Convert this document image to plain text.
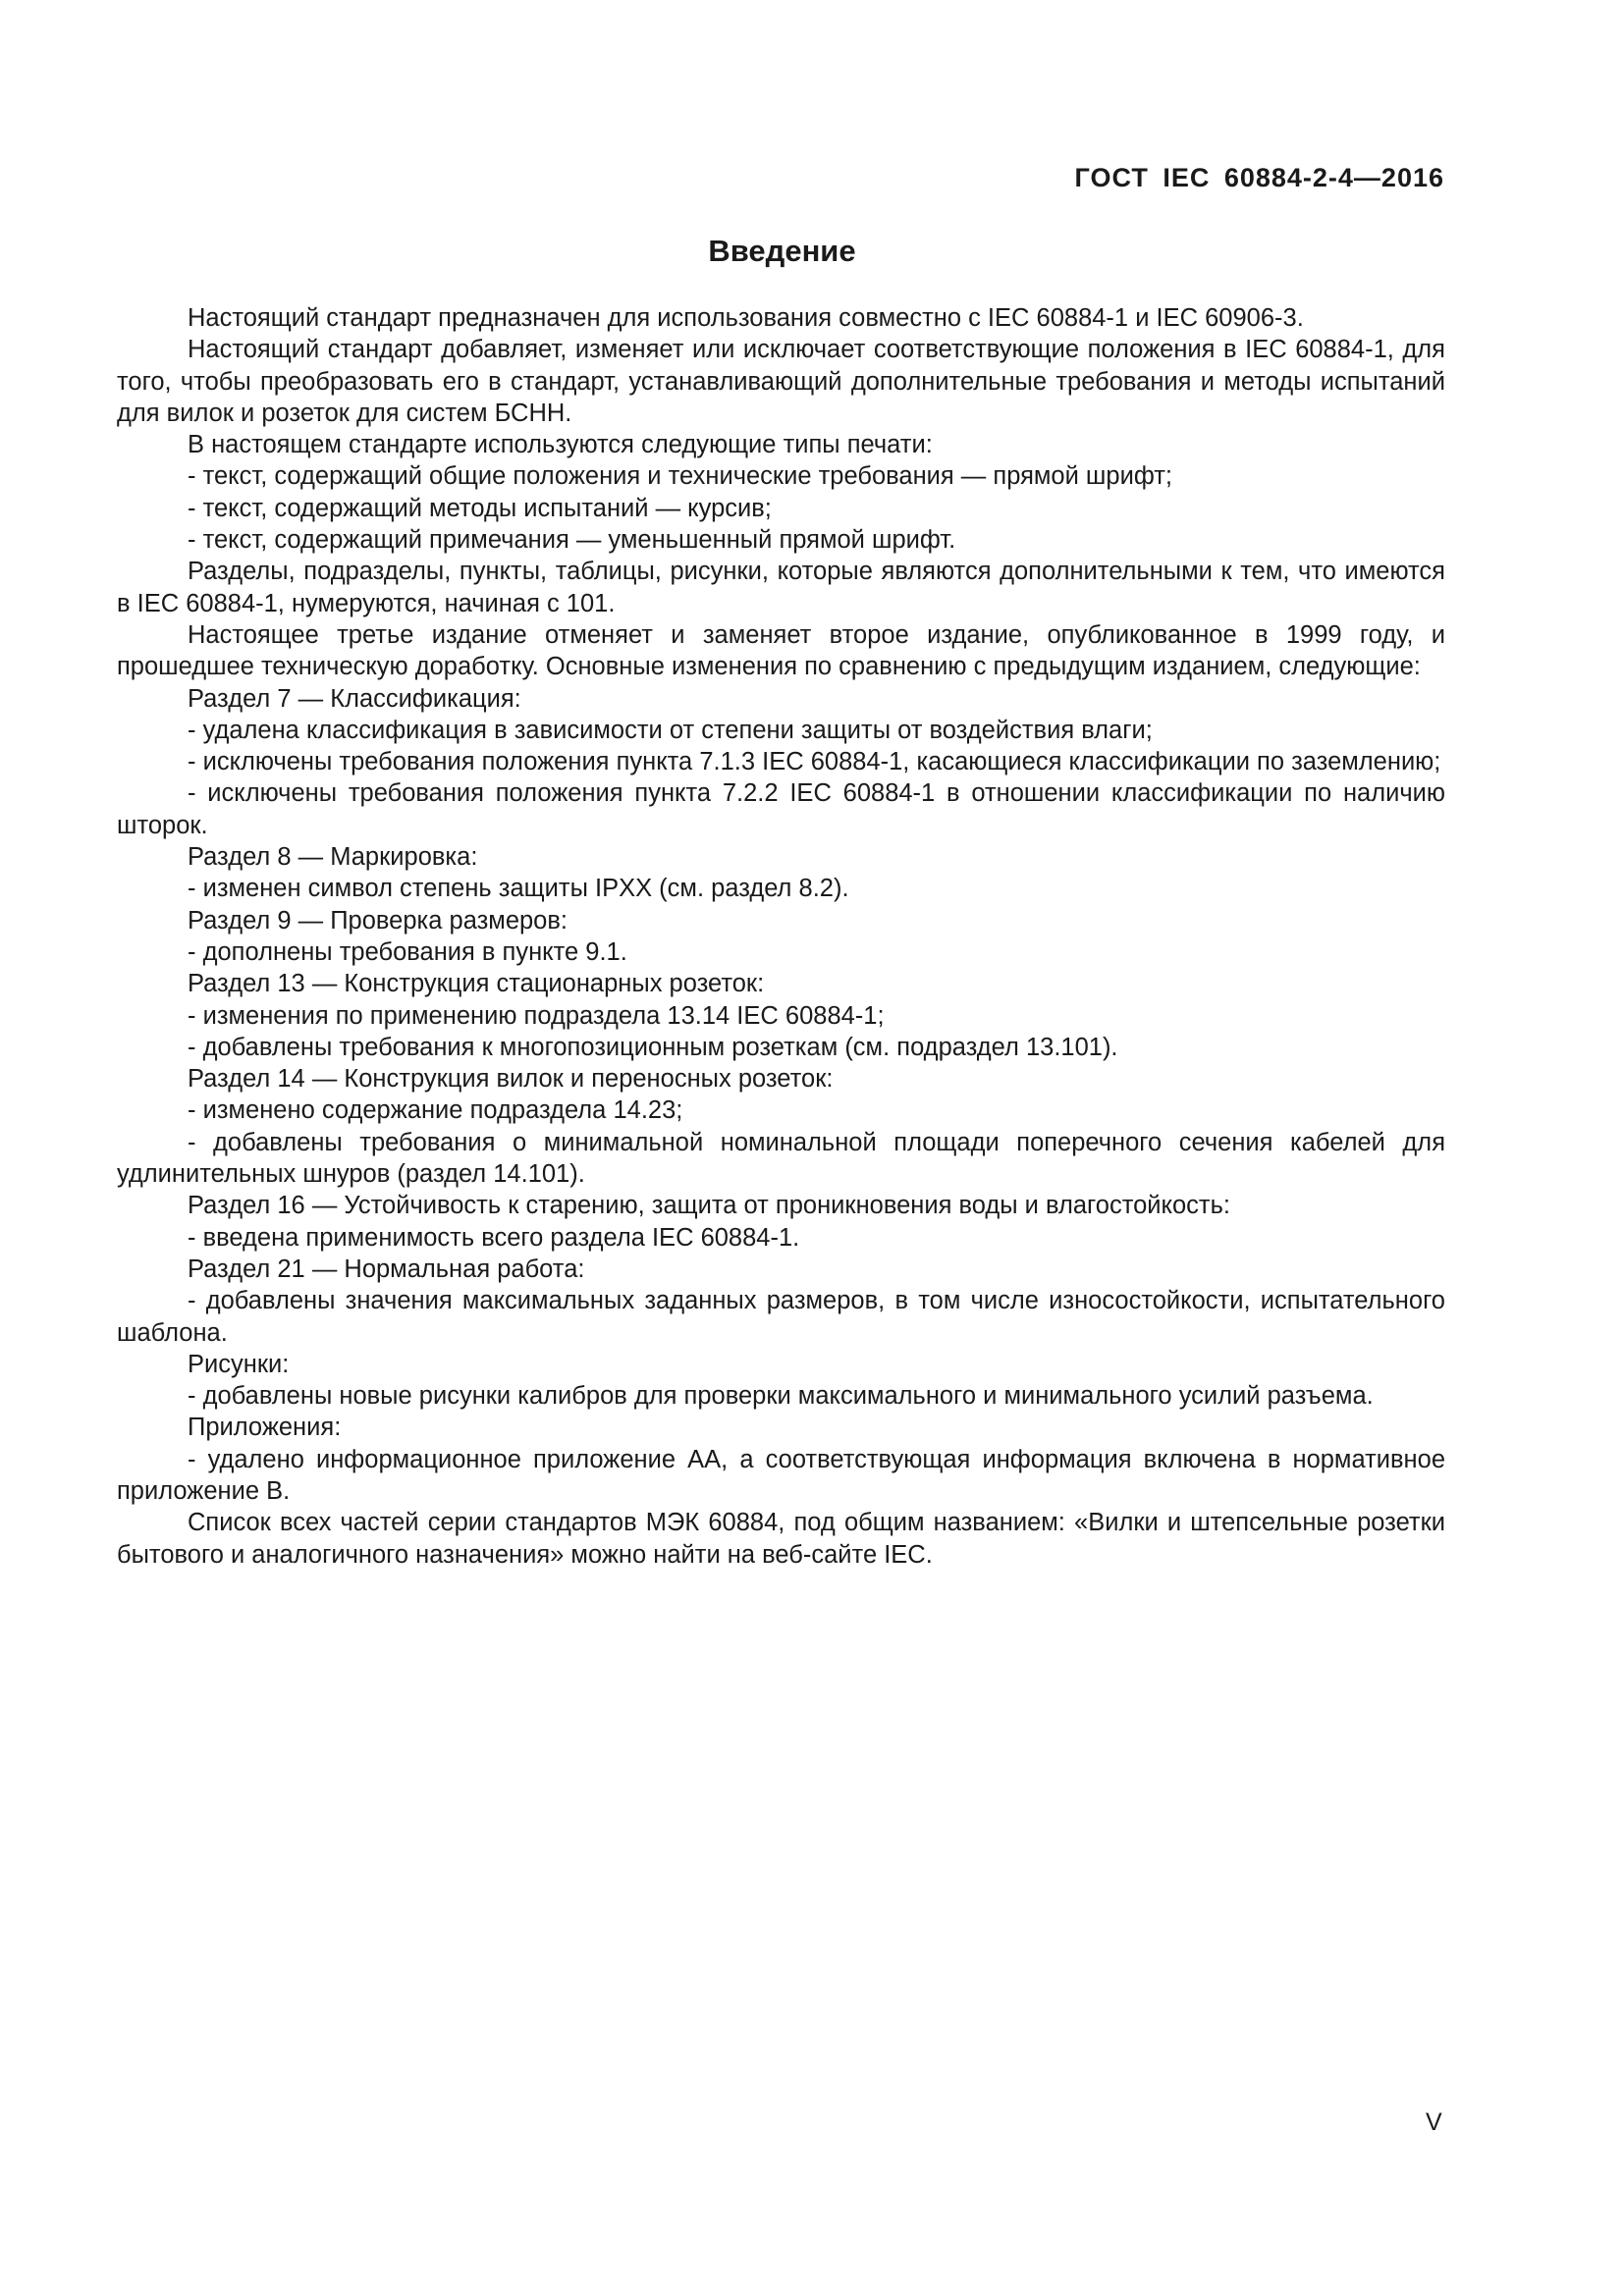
ГОСТ IEC 60884-2-4—2016
Введение

Настоящий стандарт предназначен для использования совместно с IEC 60884-1 и IEC 60906-3.

Настоящий стандарт добавляет, изменяет или исключает соответствующие положения в IEC 60884-1, для того, чтобы преобразовать его в стандарт, устанавливающий дополнительные требования и методы испытаний для вилок и розеток для систем БСНН.

В настоящем стандарте используются следующие типы печати:

- текст, содержащий общие положения и технические требования — прямой шрифт;

- текст, содержащий методы испытаний — курсив;

- текст, содержащий примечания — уменьшенный прямой шрифт.

Разделы, подразделы, пункты, таблицы, рисунки, которые являются дополнительными к тем, что имеются в IEC 60884-1, нумеруются, начиная с 101.

Настоящее третье издание отменяет и заменяет второе издание, опубликованное в 1999 году, и прошедшее техническую доработку. Основные изменения по сравнению с предыдущим изданием, следующие:

Раздел 7 — Классификация:

- удалена классификация в зависимости от степени защиты от воздействия влаги;

- исключены требования положения пункта 7.1.3 IEC 60884-1, касающиеся классификации по заземлению;

- исключены требования положения пункта 7.2.2 IEC 60884-1 в отношении классификации по наличию шторок.

Раздел 8 — Маркировка:

- изменен символ степень защиты IPXX (см. раздел 8.2).

Раздел 9 — Проверка размеров:

- дополнены требования в пункте 9.1.

Раздел 13 — Конструкция стационарных розеток:

- изменения по применению подраздела 13.14 IEC 60884-1;

- добавлены требования к многопозиционным розеткам (см. подраздел 13.101).

Раздел 14 — Конструкция вилок и переносных розеток:

- изменено содержание подраздела 14.23;

- добавлены требования о минимальной номинальной площади поперечного сечения кабелей для удлинительных шнуров (раздел 14.101).

Раздел 16 — Устойчивость к старению, защита от проникновения воды и влагостойкость:

- введена применимость всего раздела IEC 60884-1.

Раздел 21 — Нормальная работа:

- добавлены значения максимальных заданных размеров, в том числе износостойкости, испытательного шаблона.

Рисунки:

- добавлены новые рисунки калибров для проверки максимального и минимального усилий разъема.

Приложения:

- удалено информационное приложение АА, а соответствующая информация включена в нормативное приложение В.

Список всех частей серии стандартов МЭК 60884, под общим названием: «Вилки и штепсельные розетки бытового и аналогичного назначения» можно найти на веб-сайте IEC.

V
